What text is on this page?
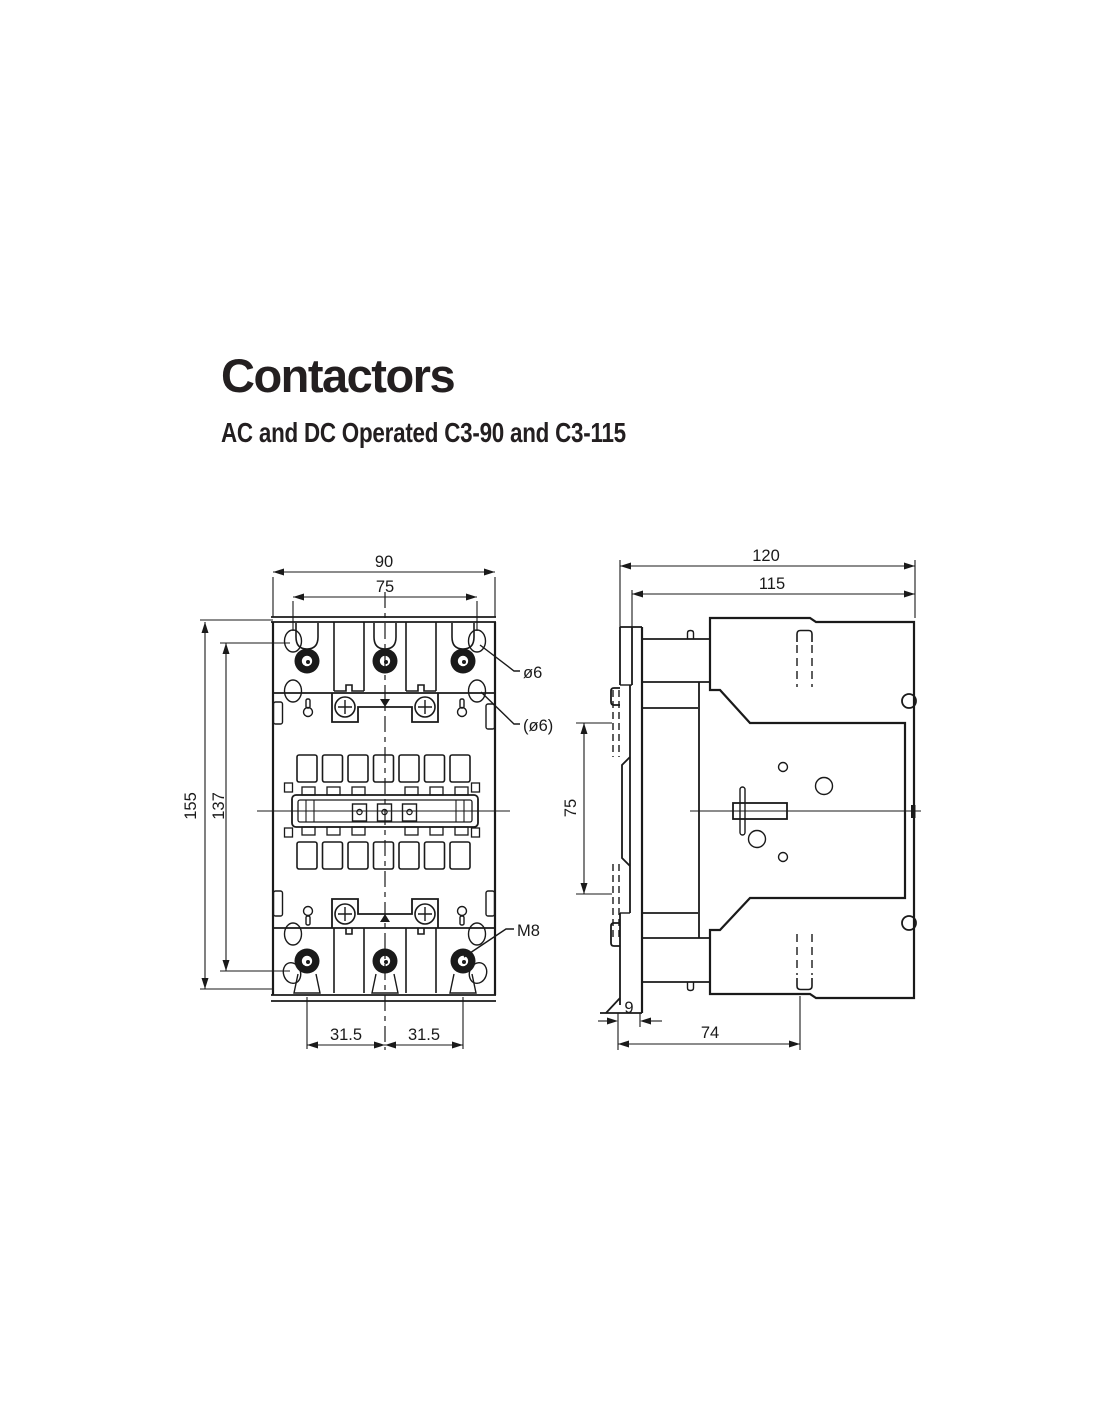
Contactors
AC and DC Operated C3-90 and C3-115
90
75
155 137
31.5	31.5
ø6
(ø6)
M8
120
115
75
9
74
